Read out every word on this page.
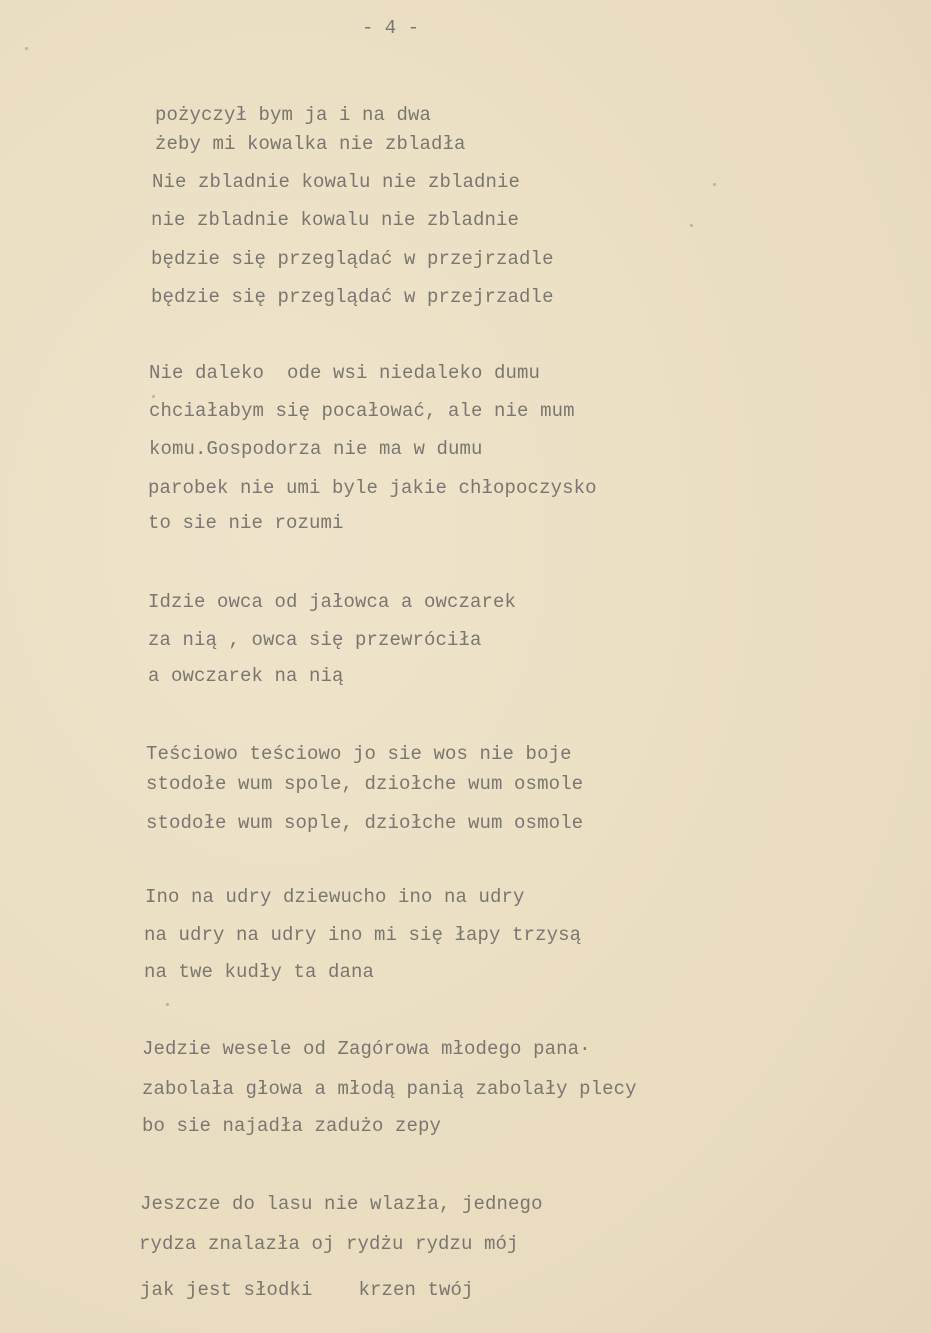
- 4 -
pożyczył bym ja i na dwa
żeby mi kowalka nie zbladła
Nie zbladnie kowalu nie zbladnie
nie zbladnie kowalu nie zbladnie
będzie się przeglądać w przejrzadle
będzie się przeglądać w przejrzadle
Nie daleko  ode wsi niedaleko dumu
chciałabym się pocałować, ale nie mum
komu.Gospodorza nie ma w dumu
parobek nie umi byle jakie chłopoczysko
to sie nie rozumi
Idzie owca od jałowca a owczarek
za nią , owca się przewróciła
a owczarek na nią
Teściowo teściowo jo sie wos nie boje
stodołe wum spole, dziołche wum osmole
stodołe wum sople, dziołche wum osmole
Ino na udry dziewucho ino na udry
na udry na udry ino mi się łapy trzysą
na twe kudły ta dana
Jedzie wesele od Zagórowa młodego pana·
zabolała głowa a młodą panią zabolały plecy
bo sie najadła zadużo zepy
Jeszcze do lasu nie wlazła, jednego
rydza znalazła oj rydżu rydzu mój
jak jest słodki    krzen twój
